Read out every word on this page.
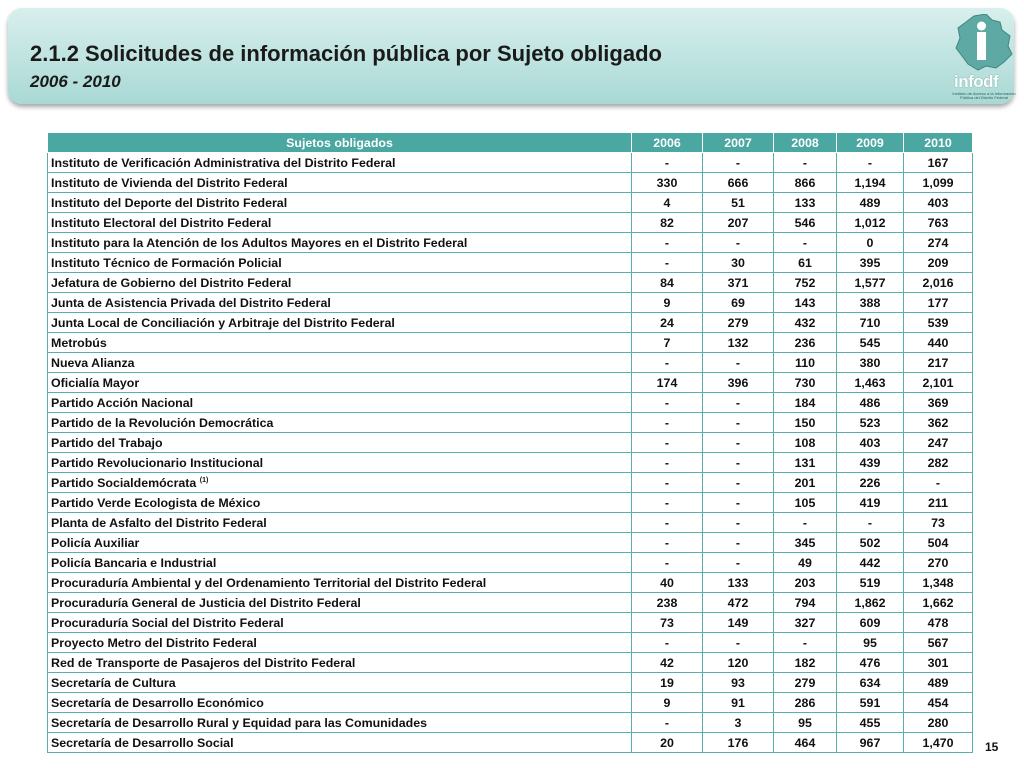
2.1.2 Solicitudes de información pública por Sujeto obligado
2006 - 2010	infodf
Instituto de Acceso a la Información Pública del Distrito Federal
Sujetos obligados	2006	2007	2008	2009	2010
Instituto de Verificación Administrativa del Distrito Federal	-	-	-	-	167
Instituto de Vivienda del Distrito Federal	330	666	866	1,194	1,099
Instituto del Deporte del Distrito Federal	4	51	133	489	403
Instituto Electoral del Distrito Federal	82	207	546	1,012	763
Instituto para la Atención de los Adultos Mayores en el Distrito Federal	-	-	-	0	274
Instituto Técnico de Formación Policial	-	30	61	395	209
Jefatura de Gobierno del Distrito Federal	84	371	752	1,577	2,016
Junta de Asistencia Privada del Distrito Federal	9	69	143	388	177
Junta Local de Conciliación y Arbitraje del Distrito Federal	24	279	432	710	539
Metrobús	7	132	236	545	440
Nueva Alianza	-	-	110	380	217
Oficialía Mayor	174	396	730	1,463	2,101
Partido Acción Nacional	-	-	184	486	369
Partido de la Revolución Democrática	-	-	150	523	362
Partido del Trabajo	-	-	108	403	247
Partido Revolucionario Institucional	-	-	131	439	282
Partido Socialdemócrata $^{(1)}$	-	-	201	226	-
Partido Verde Ecologista de México	-	-	105	419	211
Planta de Asfalto del Distrito Federal	-	-	-	-	73
Policía Auxiliar	-	-	345	502	504
Policía Bancaria e Industrial	-	-	49	442	270
Procuraduría Ambiental y del Ordenamiento Territorial del Distrito Federal	40	133	203	519	1,348
Procuraduría General de Justicia del Distrito Federal	238	472	794	1,862	1,662
Procuraduría Social del Distrito Federal	73	149	327	609	478
Proyecto Metro del Distrito Federal	-	-	-	95	567
Red de Transporte de Pasajeros del Distrito Federal	42	120	182	476	301
Secretaría de Cultura	19	93	279	634	489
Secretaría de Desarrollo Económico	9	91	286	591	454
Secretaría de Desarrollo Rural y Equidad para las Comunidades	-	3	95	455	280
Secretaría de Desarrollo Social	20	176	464	967	1,470	15
